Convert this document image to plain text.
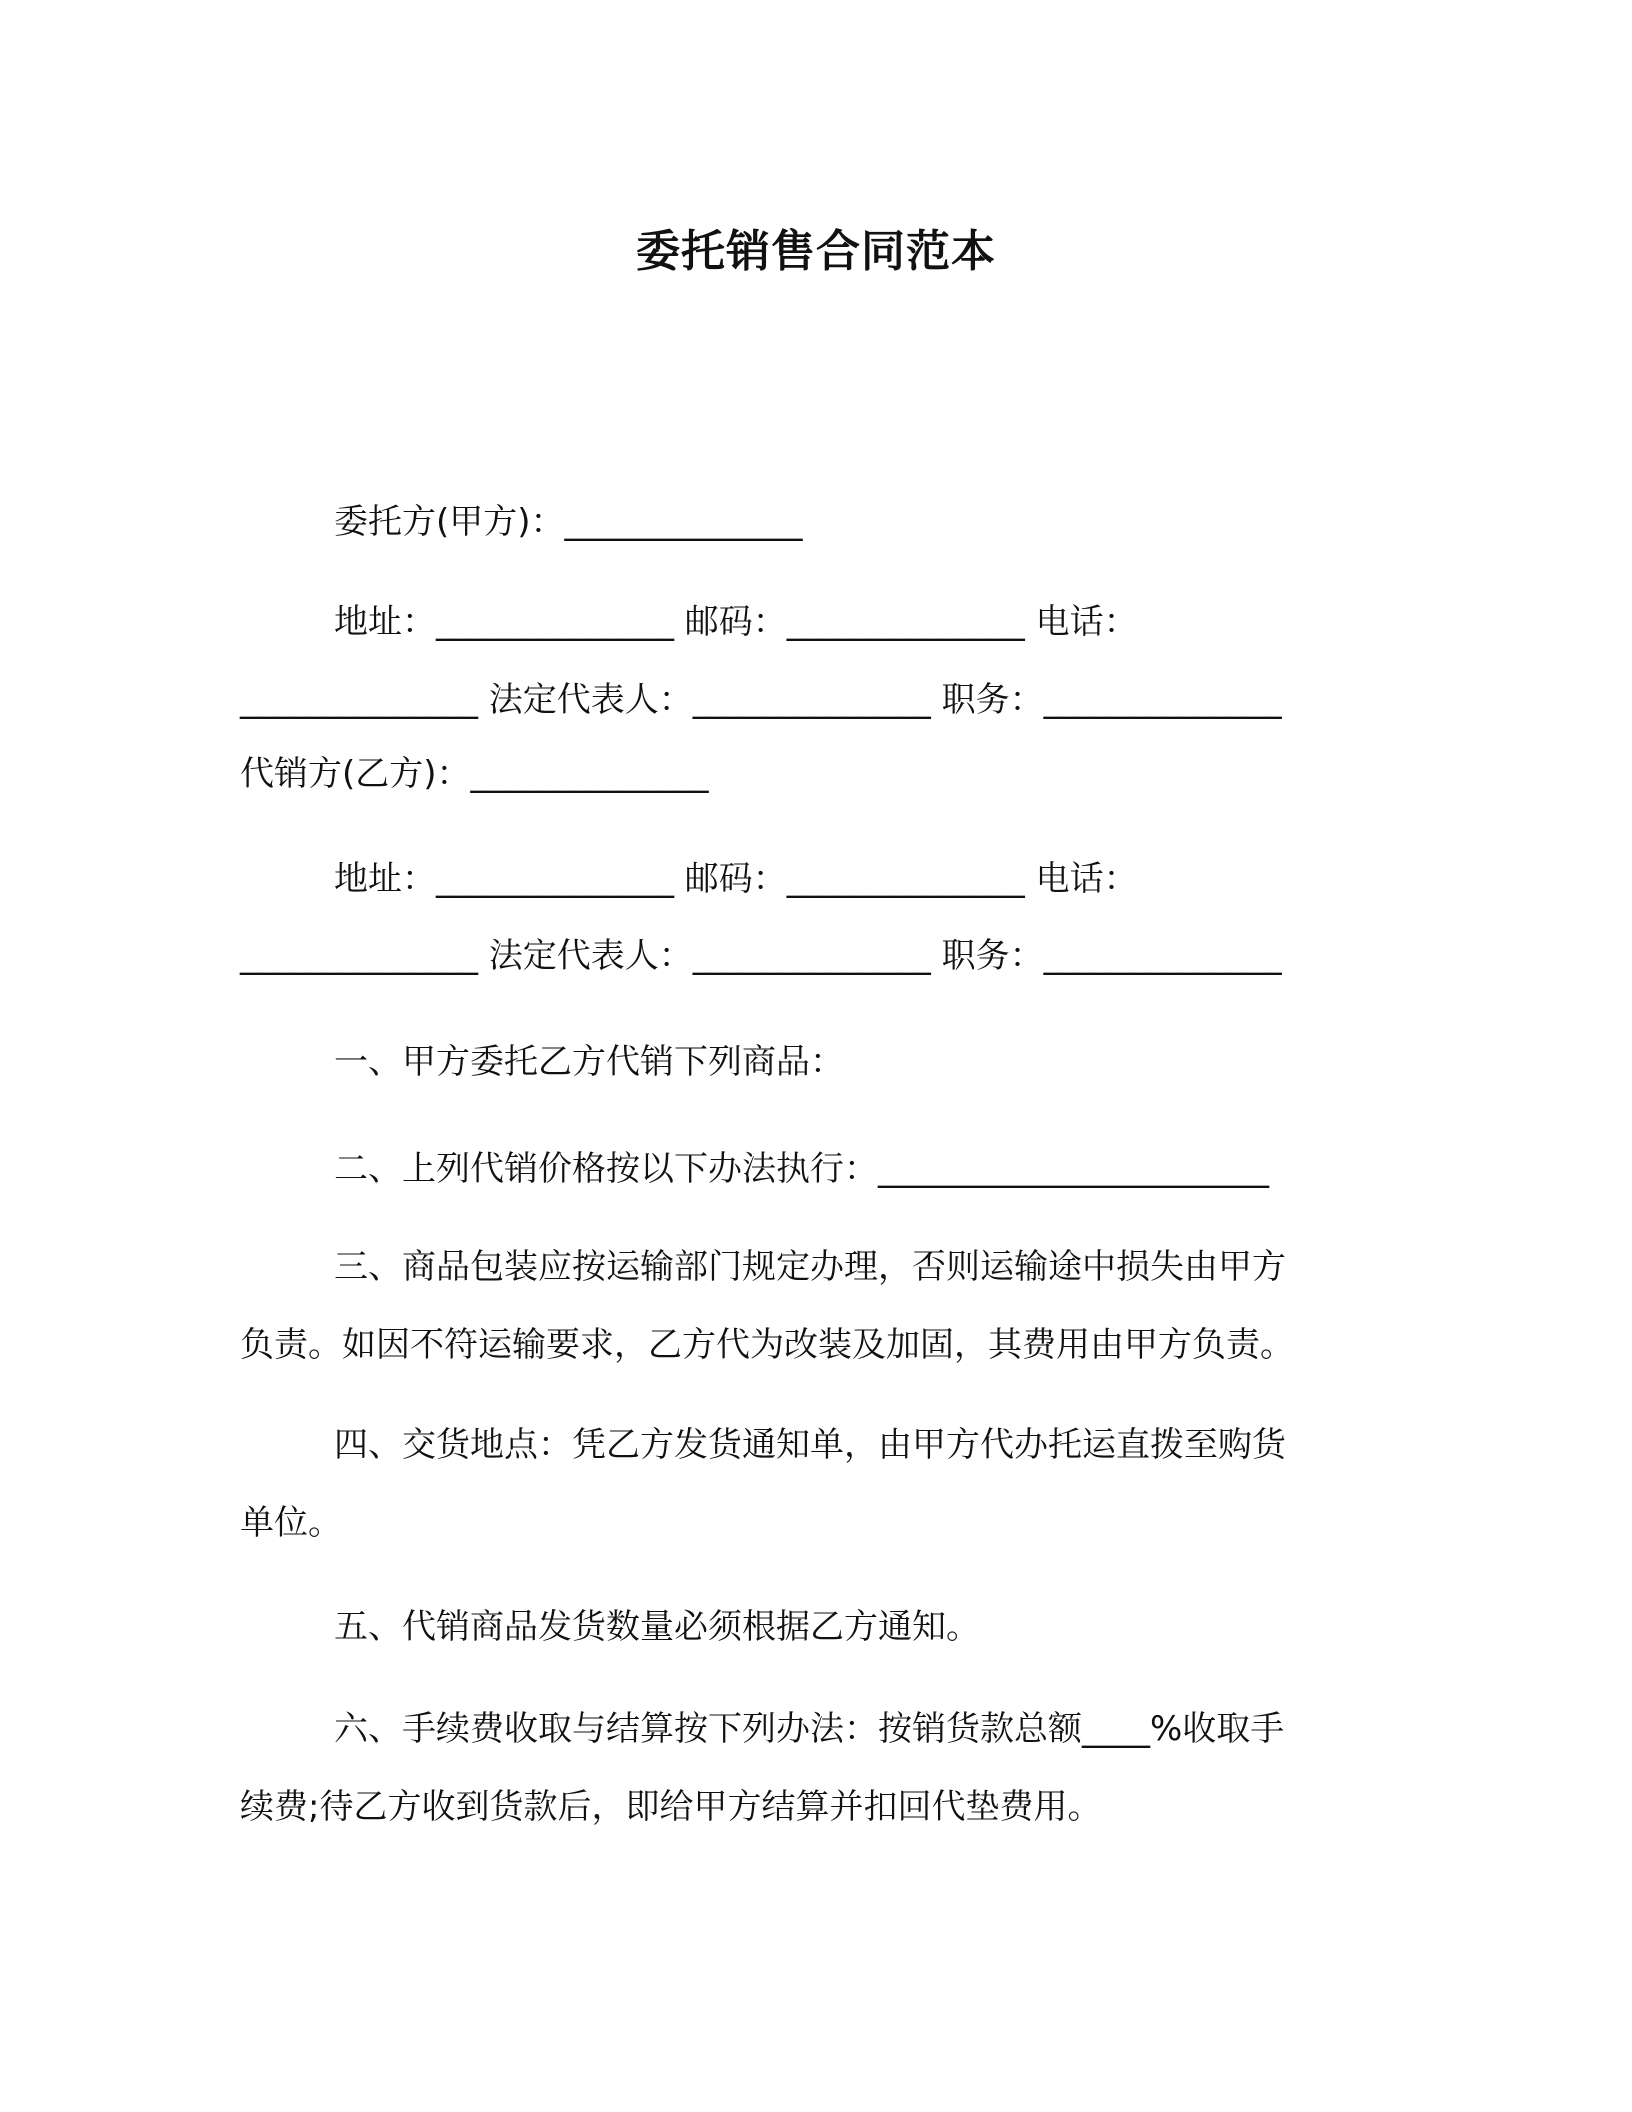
委托销售合同范本
委托方(甲方)：______________
地址：______________ 邮码：______________ 电话：
______________ 法定代表人：______________ 职务：______________
代销方(乙方)：______________
地址：______________ 邮码：______________ 电话：
______________ 法定代表人：______________ 职务：______________
一、甲方委托乙方代销下列商品：
二、上列代销价格按以下办法执行：_______________________
三、商品包装应按运输部门规定办理，否则运输途中损失由甲方
负责。如因不符运输要求，乙方代为改装及加固，其费用由甲方负责。
四、交货地点：凭乙方发货通知单，由甲方代办托运直拨至购货
单位。
五、代销商品发货数量必须根据乙方通知。
六、手续费收取与结算按下列办法：按销货款总额____%收取手
续费;待乙方收到货款后，即给甲方结算并扣回代垫费用。
